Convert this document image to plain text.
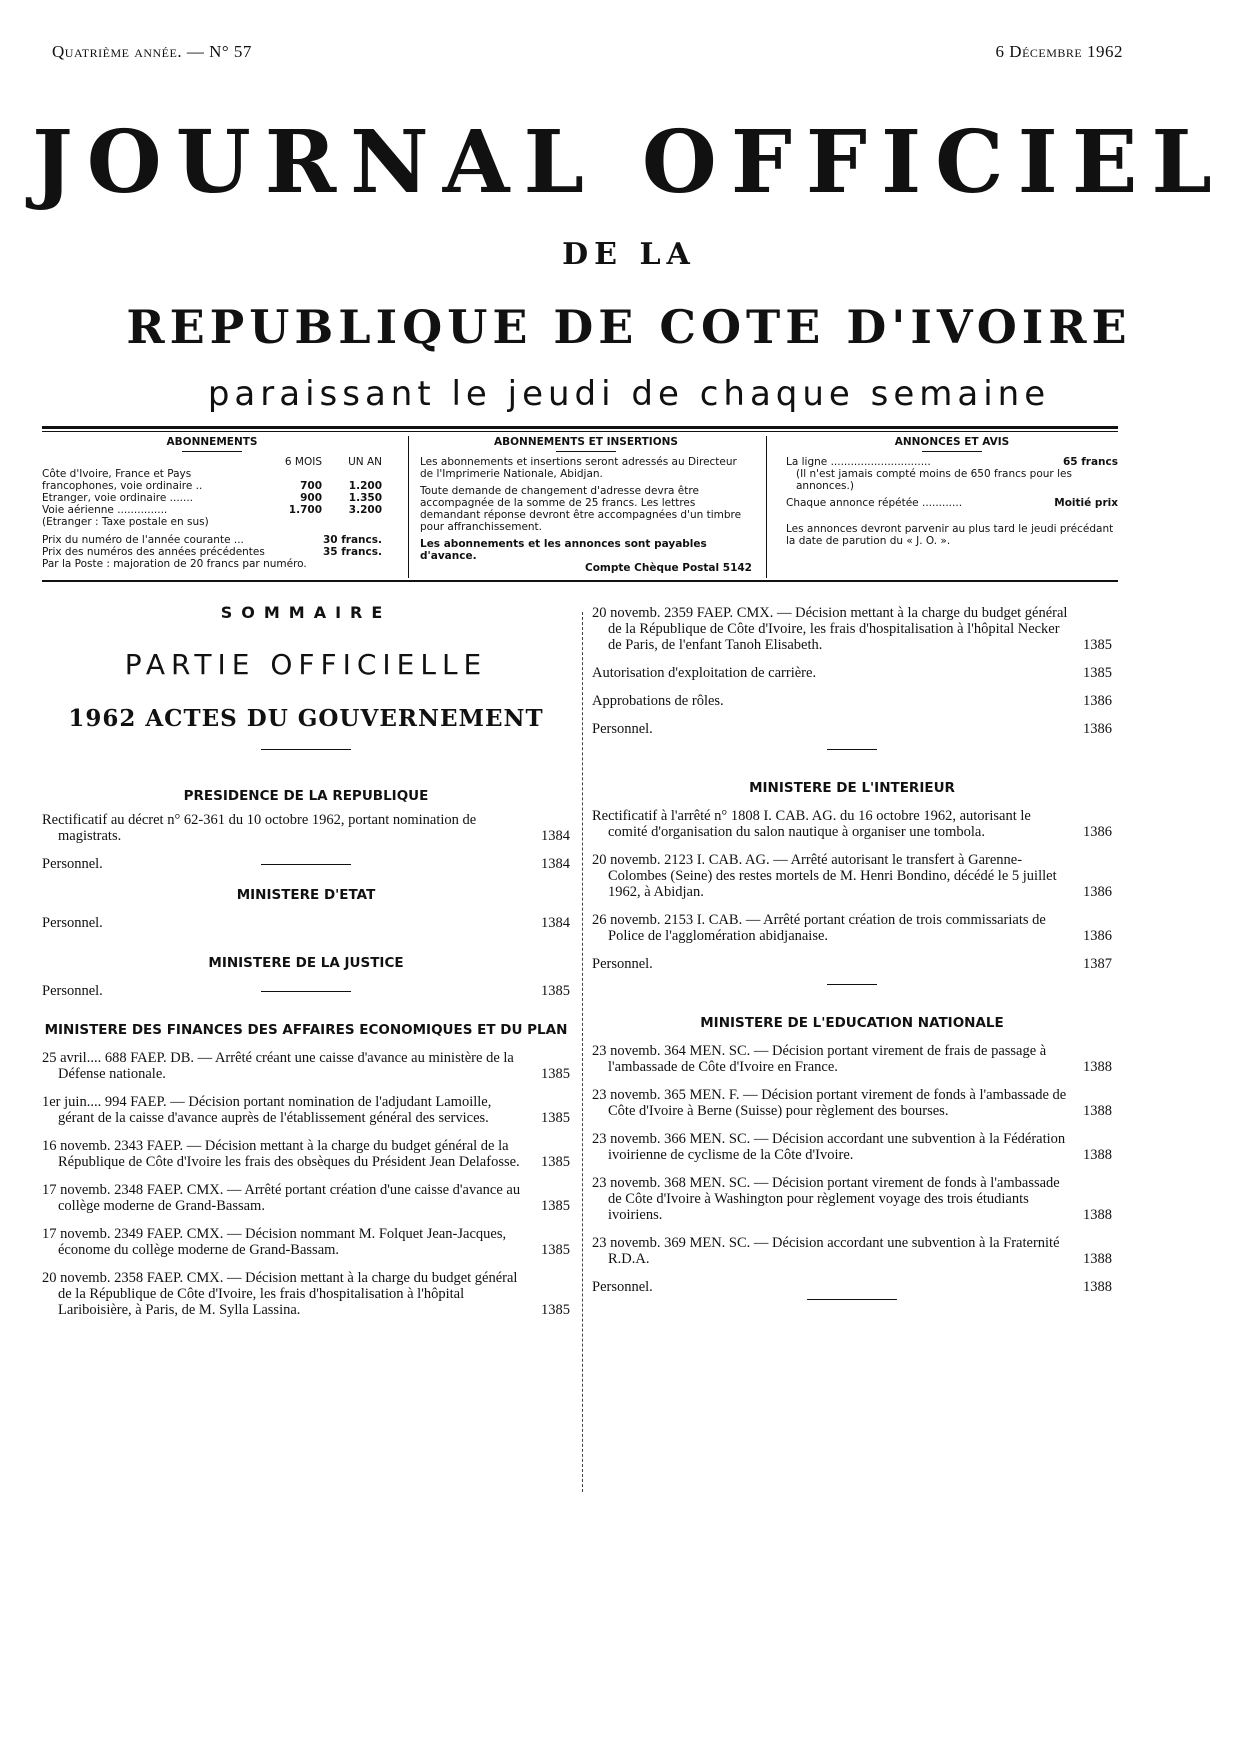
Quatrième année. — N° 57	6 Décembre 1962
JOURNAL OFFICIEL
DE LA
REPUBLIQUE DE COTE D'IVOIRE
paraissant le jeudi de chaque semaine
ABONNEMENTS
6 MOIS	UN AN
Côte d'Ivoire, France et Pays
francophones, voie ordinaire ..	700	1.200
Etranger, voie ordinaire .......	900	1.350
Voie aérienne ...............	1.700	3.200
(Etranger : Taxe postale en sus)
Prix du numéro de l'année courante ...	30 francs.
Prix des numéros des années précédentes	35 francs.
Par la Poste : majoration de 20 francs par numéro.
ABONNEMENTS ET INSERTIONS
Les abonnements et insertions seront adressés au Directeur de l'Imprimerie Nationale, Abidjan.
Toute demande de changement d'adresse devra être accompagnée de la somme de 25 francs. Les lettres demandant réponse devront être accompagnées d'un timbre pour affranchissement.
Les abonnements et les annonces sont payables d'avance.
Compte Chèque Postal 5142
ANNONCES ET AVIS
La ligne ..............................	65 francs
(Il n'est jamais compté moins de 650 francs pour les annonces.)
Chaque annonce répétée ............	Moitié prix
Les annonces devront parvenir au plus tard le jeudi précédant la date de parution du « J. O. ».

SOMMAIRE

PARTIE OFFICIELLE

1962 ACTES DU GOUVERNEMENT

PRESIDENCE DE LA REPUBLIQUE

Rectificatif au décret n° 62-361 du 10 octobre 1962, portant nomination de magistrats.	1384
Personnel.	1384

MINISTERE D'ETAT

Personnel.	1384

MINISTERE DE LA JUSTICE

Personnel.	1385

MINISTERE DES FINANCES DES AFFAIRES ECONOMIQUES ET DU PLAN

25 avril.... 688 FAEP. DB. — Arrêté créant une caisse d'avance au ministère de la Défense nationale.	1385
1er juin.... 994 FAEP. — Décision portant nomination de l'adjudant Lamoille, gérant de la caisse d'avance auprès de l'établissement général des services.	1385
16 novemb. 2343 FAEP. — Décision mettant à la charge du budget général de la République de Côte d'Ivoire les frais des obsèques du Président Jean Delafosse.	1385
17 novemb. 2348 FAEP. CMX. — Arrêté portant création d'une caisse d'avance au collège moderne de Grand-Bassam.	1385
17 novemb. 2349 FAEP. CMX. — Décision nommant M. Folquet Jean-Jacques, économe du collège moderne de Grand-Bassam.	1385
20 novemb. 2358 FAEP. CMX. — Décision mettant à la charge du budget général de la République de Côte d'Ivoire, les frais d'hospitalisation à l'hôpital Lariboisière, à Paris, de M. Sylla Lassina.	1385
20 novemb. 2359 FAEP. CMX. — Décision mettant à la charge du budget général de la République de Côte d'Ivoire, les frais d'hospitalisation à l'hôpital Necker de Paris, de l'enfant Tanoh Elisabeth.	1385
Autorisation d'exploitation de carrière.	1385
Approbations de rôles.	1386
Personnel.	1386

MINISTERE DE L'INTERIEUR

Rectificatif à l'arrêté n° 1808 I. CAB. AG. du 16 octobre 1962, autorisant le comité d'organisation du salon nautique à organiser une tombola.	1386
20 novemb. 2123 I. CAB. AG. — Arrêté autorisant le transfert à Garenne-Colombes (Seine) des restes mortels de M. Henri Bondino, décédé le 5 juillet 1962, à Abidjan.	1386
26 novemb. 2153 I. CAB. — Arrêté portant création de trois commissariats de Police de l'agglomération abidjanaise.	1386
Personnel.	1387

MINISTERE DE L'EDUCATION NATIONALE

23 novemb. 364 MEN. SC. — Décision portant virement de frais de passage à l'ambassade de Côte d'Ivoire en France.	1388
23 novemb. 365 MEN. F. — Décision portant virement de fonds à l'ambassade de Côte d'Ivoire à Berne (Suisse) pour règlement des bourses.	1388
23 novemb. 366 MEN. SC. — Décision accordant une subvention à la Fédération ivoirienne de cyclisme de la Côte d'Ivoire.	1388
23 novemb. 368 MEN. SC. — Décision portant virement de fonds à l'ambassade de Côte d'Ivoire à Washington pour règlement voyage des trois étudiants ivoiriens.	1388
23 novemb. 369 MEN. SC. — Décision accordant une subvention à la Fraternité R.D.A.	1388
Personnel.	1388
